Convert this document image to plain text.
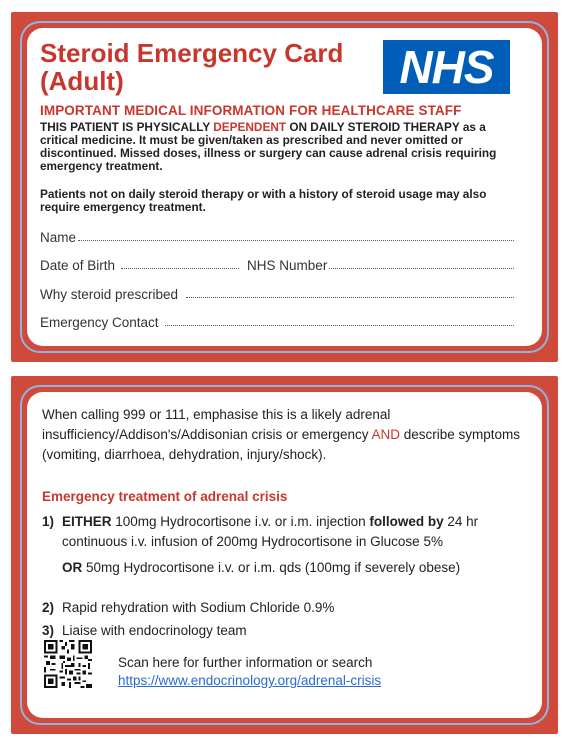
Steroid Emergency Card (Adult)	NHS
IMPORTANT MEDICAL INFORMATION FOR HEALTHCARE STAFF
THIS PATIENT IS PHYSICALLY DEPENDENT ON DAILY STEROID THERAPY as a critical medicine. It must be given/taken as prescribed and never omitted or discontinued. Missed doses, illness or surgery can cause adrenal crisis requiring emergency treatment.
Patients not on daily steroid therapy or with a history of steroid usage may also require emergency treatment.
Name
Date of Birth	NHS Number
Why steroid prescribed
Emergency Contact
When calling 999 or 111, emphasise this is a likely adrenal insufficiency/Addison's/Addisonian crisis or emergency AND describe symptoms (vomiting, diarrhoea, dehydration, injury/shock).
Emergency treatment of adrenal crisis
1) EITHER 100mg Hydrocortisone i.v. or i.m. injection followed by 24 hr continuous i.v. infusion of 200mg Hydrocortisone in Glucose 5%
OR 50mg Hydrocortisone i.v. or i.m. qds (100mg if severely obese)
2) Rapid rehydration with Sodium Chloride 0.9%
3) Liaise with endocrinology team
Scan here for further information or search
https://www.endocrinology.org/adrenal-crisis
